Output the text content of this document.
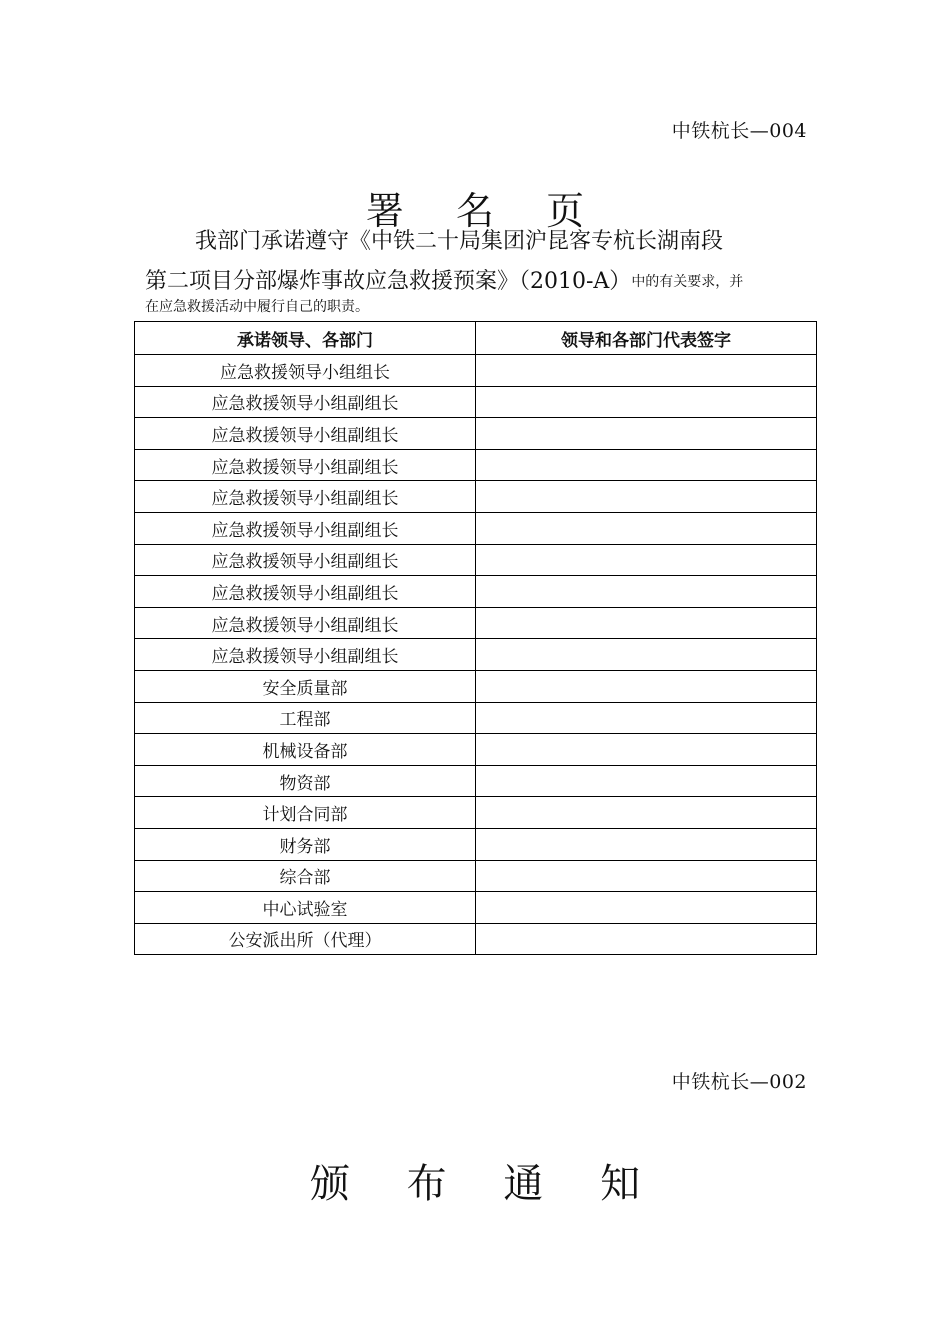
中铁杭长—004
署 名 页
我部门承诺遵守《中铁二十局集团沪昆客专杭长湖南段
第二项目分部爆炸事故应急救援预案》（2010-A） 中的有关要求，并
在应急救援活动中履行自己的职责。
承诺领导、各部门	领导和各部门代表签字
应急救援领导小组组长	
应急救援领导小组副组长	
应急救援领导小组副组长	
应急救援领导小组副组长	
应急救援领导小组副组长	
应急救援领导小组副组长	
应急救援领导小组副组长	
应急救援领导小组副组长	
应急救援领导小组副组长	
应急救援领导小组副组长	
安全质量部	
工程部	
机械设备部	
物资部	
计划合同部	
财务部	
综合部	
中心试验室	
公安派出所（代理）	
中铁杭长—002
颁 布 通 知
